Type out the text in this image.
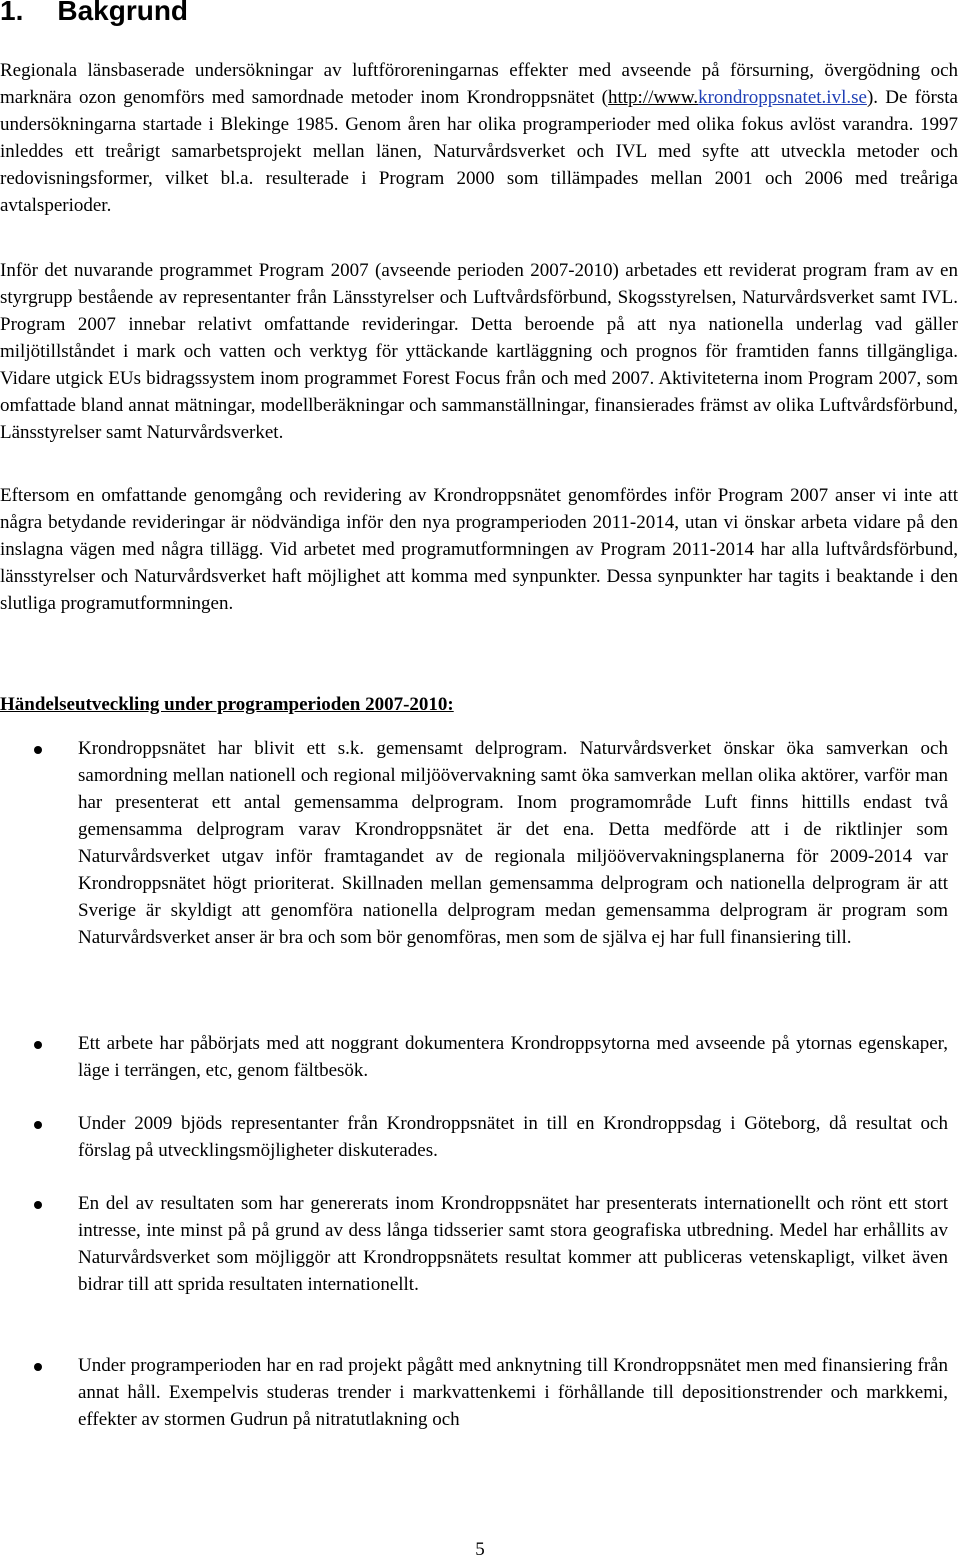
1. Bakgrund

Regionala länsbaserade undersökningar av luftföroreningarnas effekter med avseende på försurning, övergödning och marknära ozon genomförs med samordnade metoder inom Krondroppsnätet (http://www.krondroppsnatet.ivl.se). De första undersökningarna startade i Blekinge 1985. Genom åren har olika programperioder med olika fokus avlöst varandra. 1997 inleddes ett treårigt samarbetsprojekt mellan länen, Naturvårdsverket och IVL med syfte att utveckla metoder och redovisningsformer, vilket bl.a. resulterade i Program 2000 som tillämpades mellan 2001 och 2006 med treåriga avtalsperioder.

Inför det nuvarande programmet Program 2007 (avseende perioden 2007-2010) arbetades ett reviderat program fram av en styrgrupp bestående av representanter från Länsstyrelser och Luftvårdsförbund, Skogsstyrelsen, Naturvårdsverket samt IVL. Program 2007 innebar relativt omfattande revideringar. Detta beroende på att nya nationella underlag vad gäller miljötillståndet i mark och vatten och verktyg för yttäckande kartläggning och prognos för framtiden fanns tillgängliga. Vidare utgick EUs bidragssystem inom programmet Forest Focus från och med 2007. Aktiviteterna inom Program 2007, som omfattade bland annat mätningar, modellberäkningar och sammanställningar, finansierades främst av olika Luftvårdsförbund, Länsstyrelser samt Naturvårdsverket.

Eftersom en omfattande genomgång och revidering av Krondroppsnätet genomfördes inför Program 2007 anser vi inte att några betydande revideringar är nödvändiga inför den nya programperioden 2011-2014, utan vi önskar arbeta vidare på den inslagna vägen med några tillägg. Vid arbetet med programutformningen av Program 2011-2014 har alla luftvårdsförbund, länsstyrelser och Naturvårdsverket haft möjlighet att komma med synpunkter. Dessa synpunkter har tagits i beaktande i den slutliga programutformningen.

Händelseutveckling under programperioden 2007-2010:

Krondroppsnätet har blivit ett s.k. gemensamt delprogram. Naturvårdsverket önskar öka samverkan och samordning mellan nationell och regional miljöövervakning samt öka samverkan mellan olika aktörer, varför man har presenterat ett antal gemensamma delprogram. Inom programområde Luft finns hittills endast två gemensamma delprogram varav Krondroppsnätet är det ena. Detta medförde att i de riktlinjer som Naturvårdsverket utgav inför framtagandet av de regionala miljöövervakningsplanerna för 2009-2014 var Krondroppsnätet högt prioriterat. Skillnaden mellan gemensamma delprogram och nationella delprogram är att Sverige är skyldigt att genomföra nationella delprogram medan gemensamma delprogram är program som Naturvårdsverket anser är bra och som bör genomföras, men som de själva ej har full finansiering till.

Ett arbete har påbörjats med att noggrant dokumentera Krondroppsytorna med avseende på ytornas egenskaper, läge i terrängen, etc, genom fältbesök.

Under 2009 bjöds representanter från Krondroppsnätet in till en Krondroppsdag i Göteborg, då resultat och förslag på utvecklingsmöjligheter diskuterades.

En del av resultaten som har genererats inom Krondroppsnätet har presenterats internationellt och rönt ett stort intresse, inte minst på på grund av dess långa tidsserier samt stora geografiska utbredning. Medel har erhållits av Naturvårdsverket som möjliggör att Krondroppsnätets resultat kommer att publiceras vetenskapligt, vilket även bidrar till att sprida resultaten internationellt.

Under programperioden har en rad projekt pågått med anknytning till Krondroppsnätet men med finansiering från annat håll. Exempelvis studeras trender i markvattenkemi i förhållande till depositionstrender och markkemi, effekter av stormen Gudrun på nitratutlakning och

5
